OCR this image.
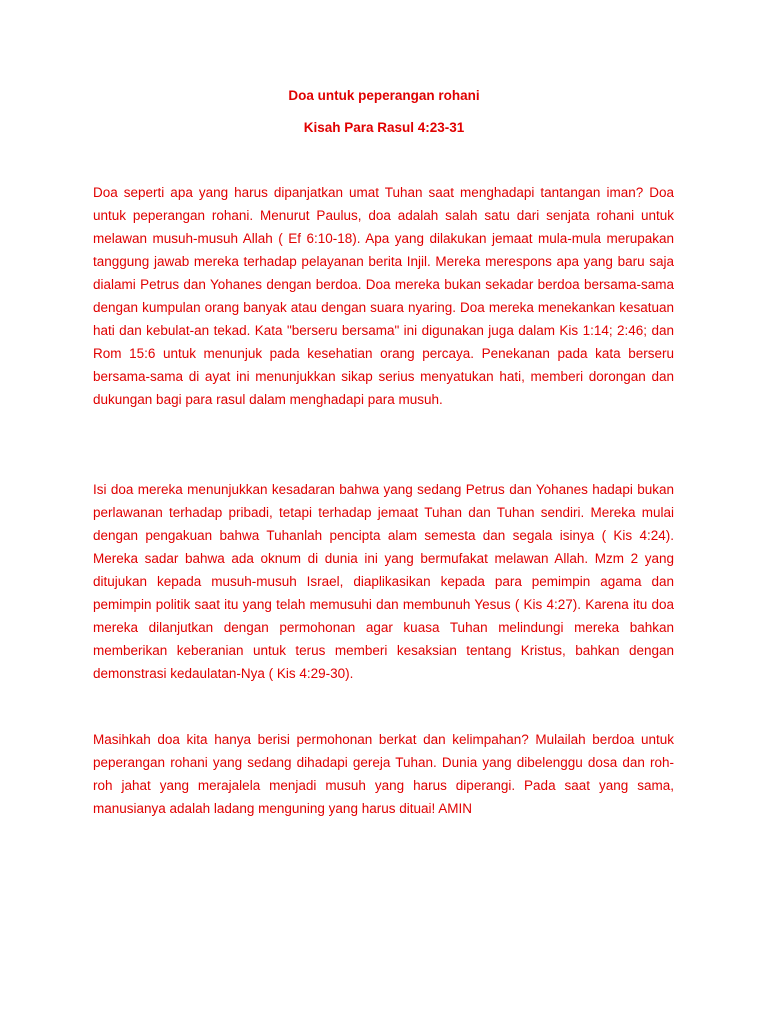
Doa untuk peperangan rohani

Kisah Para Rasul 4:23-31

Doa seperti apa yang harus dipanjatkan umat Tuhan saat menghadapi tantangan iman? Doa untuk peperangan rohani. Menurut Paulus, doa adalah salah satu dari senjata rohani untuk melawan musuh-musuh Allah ( Ef 6:10-18). Apa yang dilakukan jemaat mula-mula merupakan tanggung jawab mereka terhadap pelayanan berita Injil. Mereka merespons apa yang baru saja dialami Petrus dan Yohanes dengan berdoa. Doa mereka bukan sekadar berdoa bersama-sama dengan kumpulan orang banyak atau dengan suara nyaring. Doa mereka menekankan kesatuan hati dan kebulat-an tekad. Kata "berseru bersama" ini digunakan juga dalam Kis 1:14; 2:46; dan Rom 15:6 untuk menunjuk pada kesehatian orang percaya. Penekanan pada kata berseru bersama-sama di ayat ini menunjukkan sikap serius menyatukan hati, memberi dorongan dan dukungan bagi para rasul dalam menghadapi para musuh.

Isi doa mereka menunjukkan kesadaran bahwa yang sedang Petrus dan Yohanes hadapi bukan perlawanan terhadap pribadi, tetapi terhadap jemaat Tuhan dan Tuhan sendiri. Mereka mulai dengan pengakuan bahwa Tuhanlah pencipta alam semesta dan segala isinya ( Kis 4:24). Mereka sadar bahwa ada oknum di dunia ini yang bermufakat melawan Allah. Mzm 2 yang ditujukan kepada musuh-musuh Israel, diaplikasikan kepada para pemimpin agama dan pemimpin politik saat itu yang telah memusuhi dan membunuh Yesus ( Kis 4:27). Karena itu doa mereka dilanjutkan dengan permohonan agar kuasa Tuhan melindungi mereka bahkan memberikan keberanian untuk terus memberi kesaksian tentang Kristus, bahkan dengan demonstrasi kedaulatan-Nya ( Kis 4:29-30).

Masihkah doa kita hanya berisi permohonan berkat dan kelimpahan? Mulailah berdoa untuk peperangan rohani yang sedang dihadapi gereja Tuhan. Dunia yang dibelenggu dosa dan roh-roh jahat yang merajalela menjadi musuh yang harus diperangi. Pada saat yang sama, manusianya adalah ladang menguning yang harus dituai! AMIN
